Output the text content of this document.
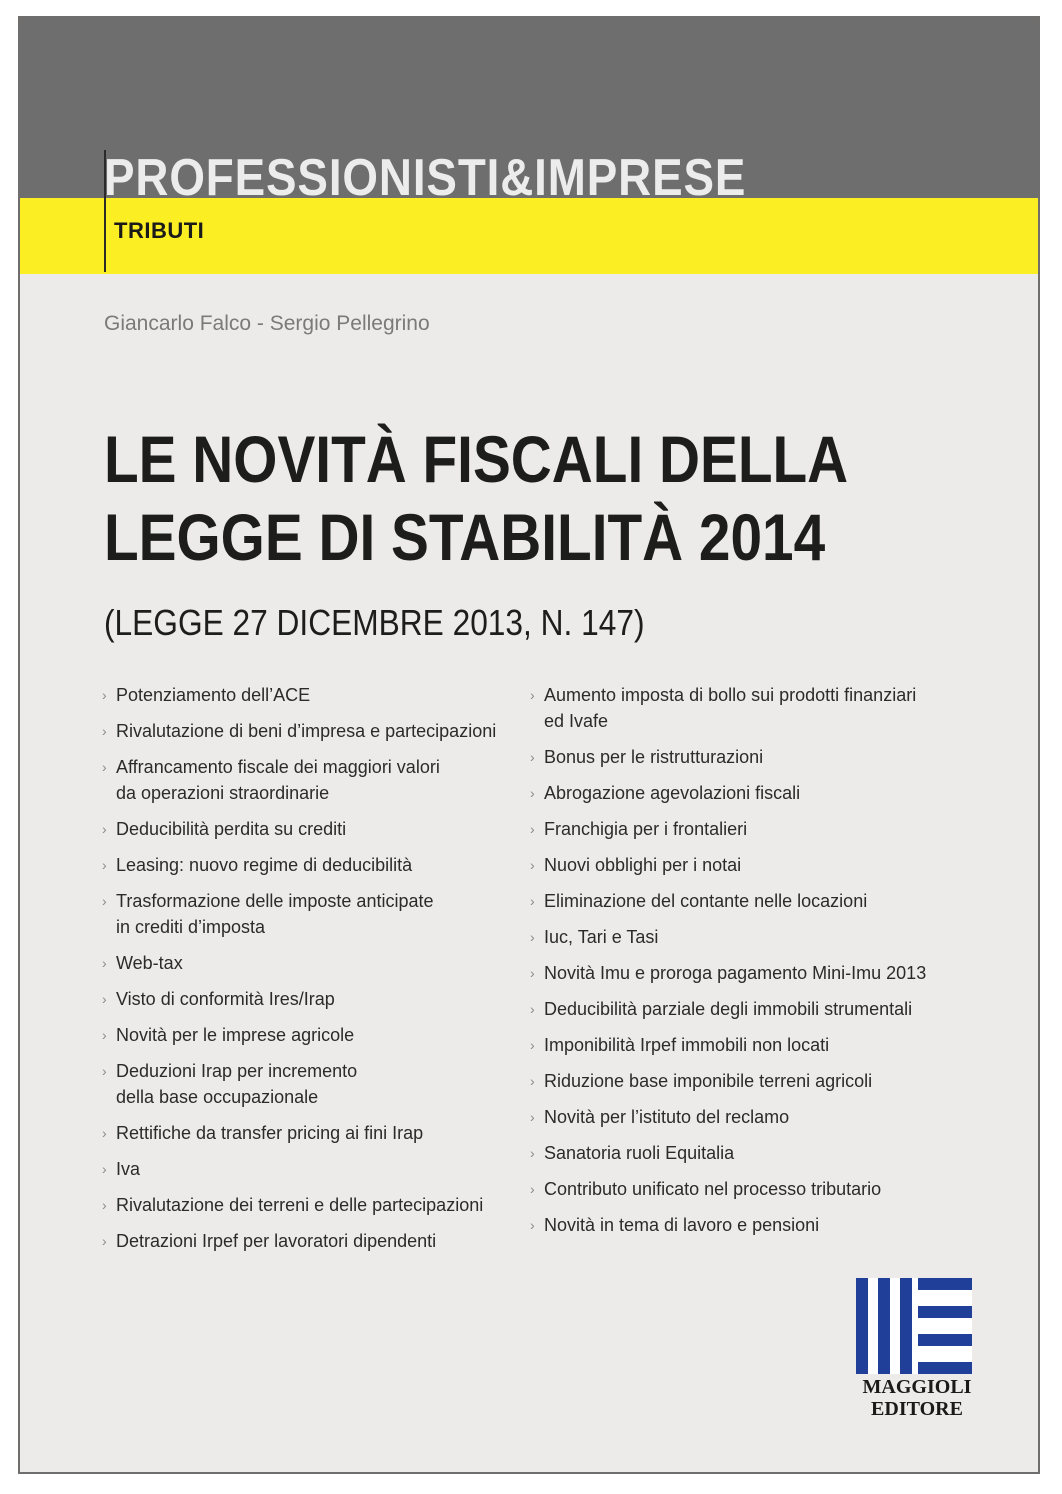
PROFESSIONISTI&IMPRESE
TRIBUTI
Giancarlo Falco - Sergio Pellegrino
LE NOVITÀ FISCALI DELLA
LEGGE DI STABILITÀ 2014
(LEGGE 27 DICEMBRE 2013, N. 147)
› Potenziamento dell’ACE
› Rivalutazione di beni d’impresa e partecipazioni
› Affrancamento fiscale dei maggiori valori
da operazioni straordinarie
› Deducibilità perdita su crediti
› Leasing: nuovo regime di deducibilità
› Trasformazione delle imposte anticipate
in crediti d’imposta
› Web-tax
› Visto di conformità Ires/Irap
› Novità per le imprese agricole
› Deduzioni Irap per incremento
della base occupazionale
› Rettifiche da transfer pricing ai fini Irap
› Iva
› Rivalutazione dei terreni e delle partecipazioni
› Detrazioni Irpef per lavoratori dipendenti
› Aumento imposta di bollo sui prodotti finanziari
ed Ivafe
› Bonus per le ristrutturazioni
› Abrogazione agevolazioni fiscali
› Franchigia per i frontalieri
› Nuovi obblighi per i notai
› Eliminazione del contante nelle locazioni
› Iuc, Tari e Tasi
› Novità Imu e proroga pagamento Mini-Imu 2013
› Deducibilità parziale degli immobili strumentali
› Imponibilità Irpef immobili non locati
› Riduzione base imponibile terreni agricoli
› Novità per l’istituto del reclamo
› Sanatoria ruoli Equitalia
› Contributo unificato nel processo tributario
› Novità in tema di lavoro e pensioni
MAGGIOLI
EDITORE
